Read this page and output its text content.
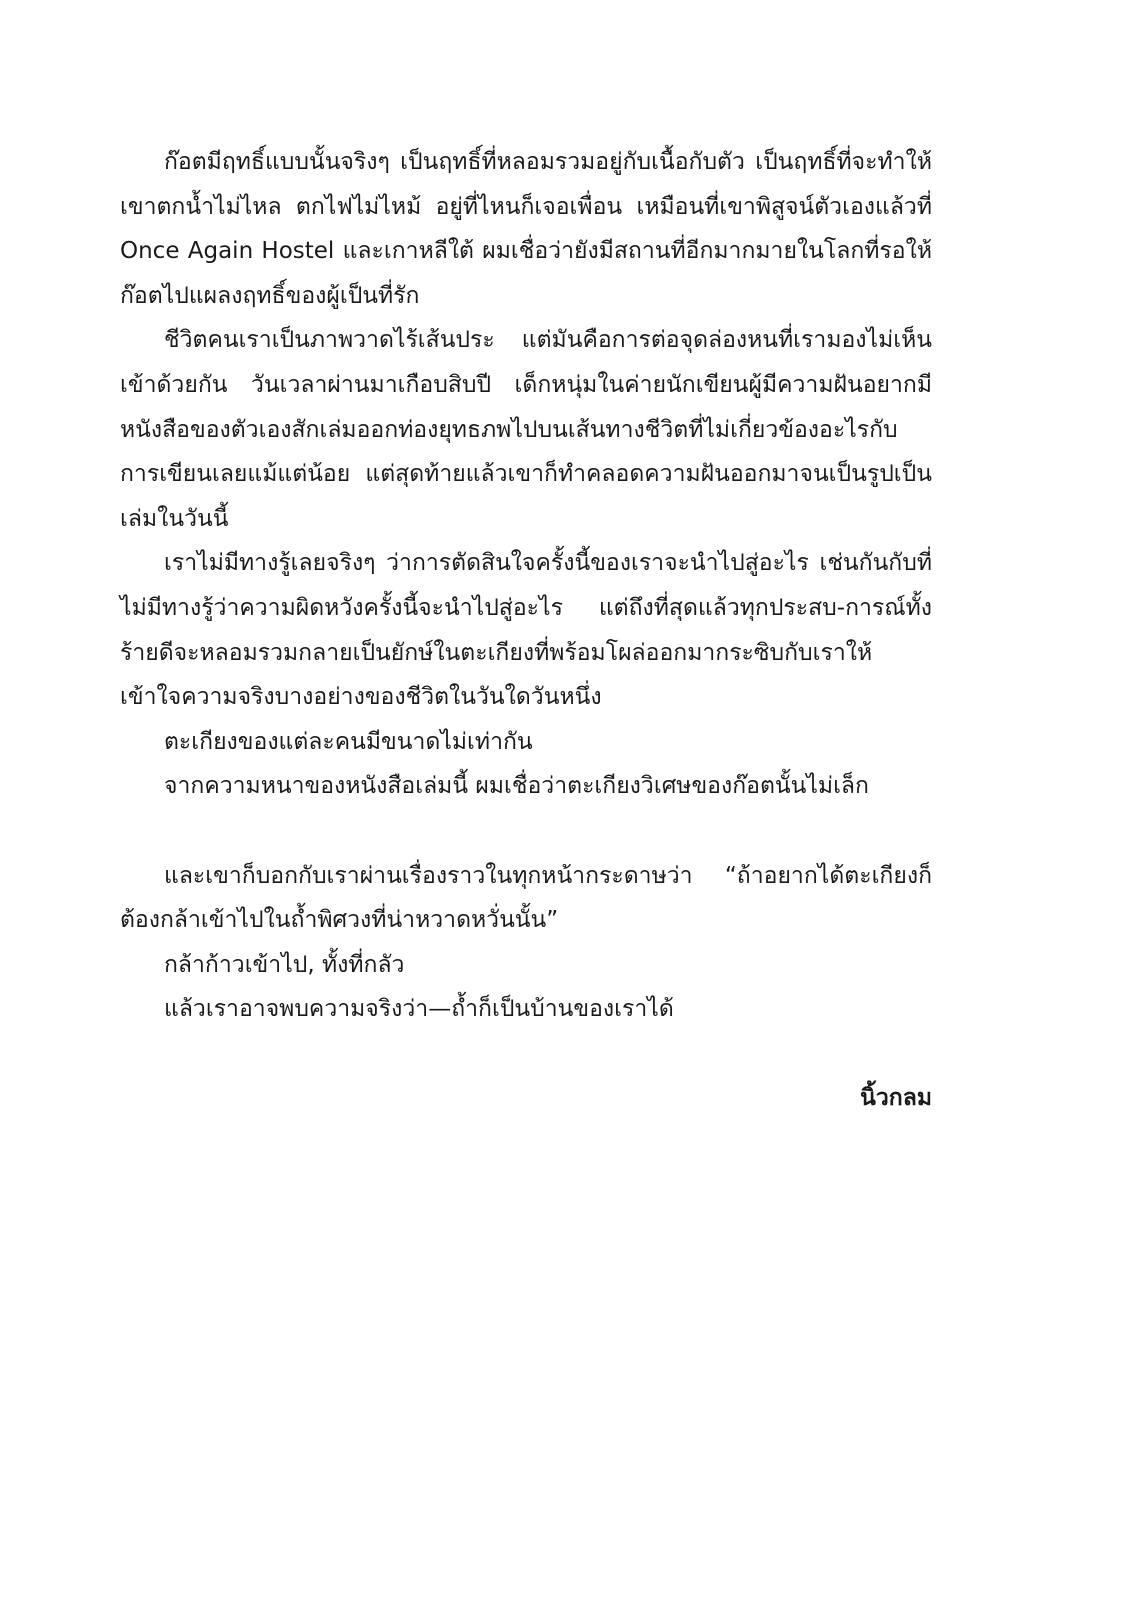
ก๊อตมีฤทธิ์แบบนั้นจริงๆ เป็นฤทธิ์ที่หลอมรวมอยู่กับเนื้อกับตัว เป็นฤทธิ์ที่จะทำให้เขาตกน้ำไม่ไหล ตกไฟไม่ไหม้ อยู่ที่ไหนก็เจอเพื่อน เหมือนที่เขาพิสูจน์ตัวเองแล้วที่ Once Again Hostel และเกาหลีใต้ ผมเชื่อว่ายังมีสถานที่อีกมากมายในโลกที่รอให้ก๊อตไปแผลงฤทธิ์ของผู้เป็นที่รัก

ชีวิตคนเราเป็นภาพวาดไร้เส้นประ แต่มันคือการต่อจุดล่องหนที่เรามองไม่เห็นเข้าด้วยกัน วันเวลาผ่านมาเกือบสิบปี เด็กหนุ่มในค่ายนักเขียนผู้มีความฝันอยากมีหนังสือของตัวเองสักเล่มออกท่องยุทธภพไปบนเส้นทางชีวิตที่ไม่เกี่ยวข้องอะไรกับการเขียนเลยแม้แต่น้อย แต่สุดท้ายแล้วเขาก็ทำคลอดความฝันออกมาจนเป็นรูปเป็นเล่มในวันนี้

เราไม่มีทางรู้เลยจริงๆ ว่าการตัดสินใจครั้งนี้ของเราจะนำไปสู่อะไร เช่นกันกับที่ไม่มีทางรู้ว่าความผิดหวังครั้งนี้จะนำไปสู่อะไร แต่ถึงที่สุดแล้วทุกประสบ-การณ์ทั้งร้ายดีจะหลอมรวมกลายเป็นยักษ์ในตะเกียงที่พร้อมโผล่ออกมากระซิบกับเราให้เข้าใจความจริงบางอย่างของชีวิตในวันใดวันหนึ่ง

ตะเกียงของแต่ละคนมีขนาดไม่เท่ากัน

จากความหนาของหนังสือเล่มนี้ ผมเชื่อว่าตะเกียงวิเศษของก๊อตนั้นไม่เล็ก

และเขาก็บอกกับเราผ่านเรื่องราวในทุกหน้ากระดาษว่า “ถ้าอยากได้ตะเกียงก็ต้องกล้าเข้าไปในถ้ำพิศวงที่น่าหวาดหวั่นนั้น”

กล้าก้าวเข้าไป, ทั้งที่กลัว

แล้วเราอาจพบความจริงว่า—ถ้ำก็เป็นบ้านของเราได้

นิ้วกลม
